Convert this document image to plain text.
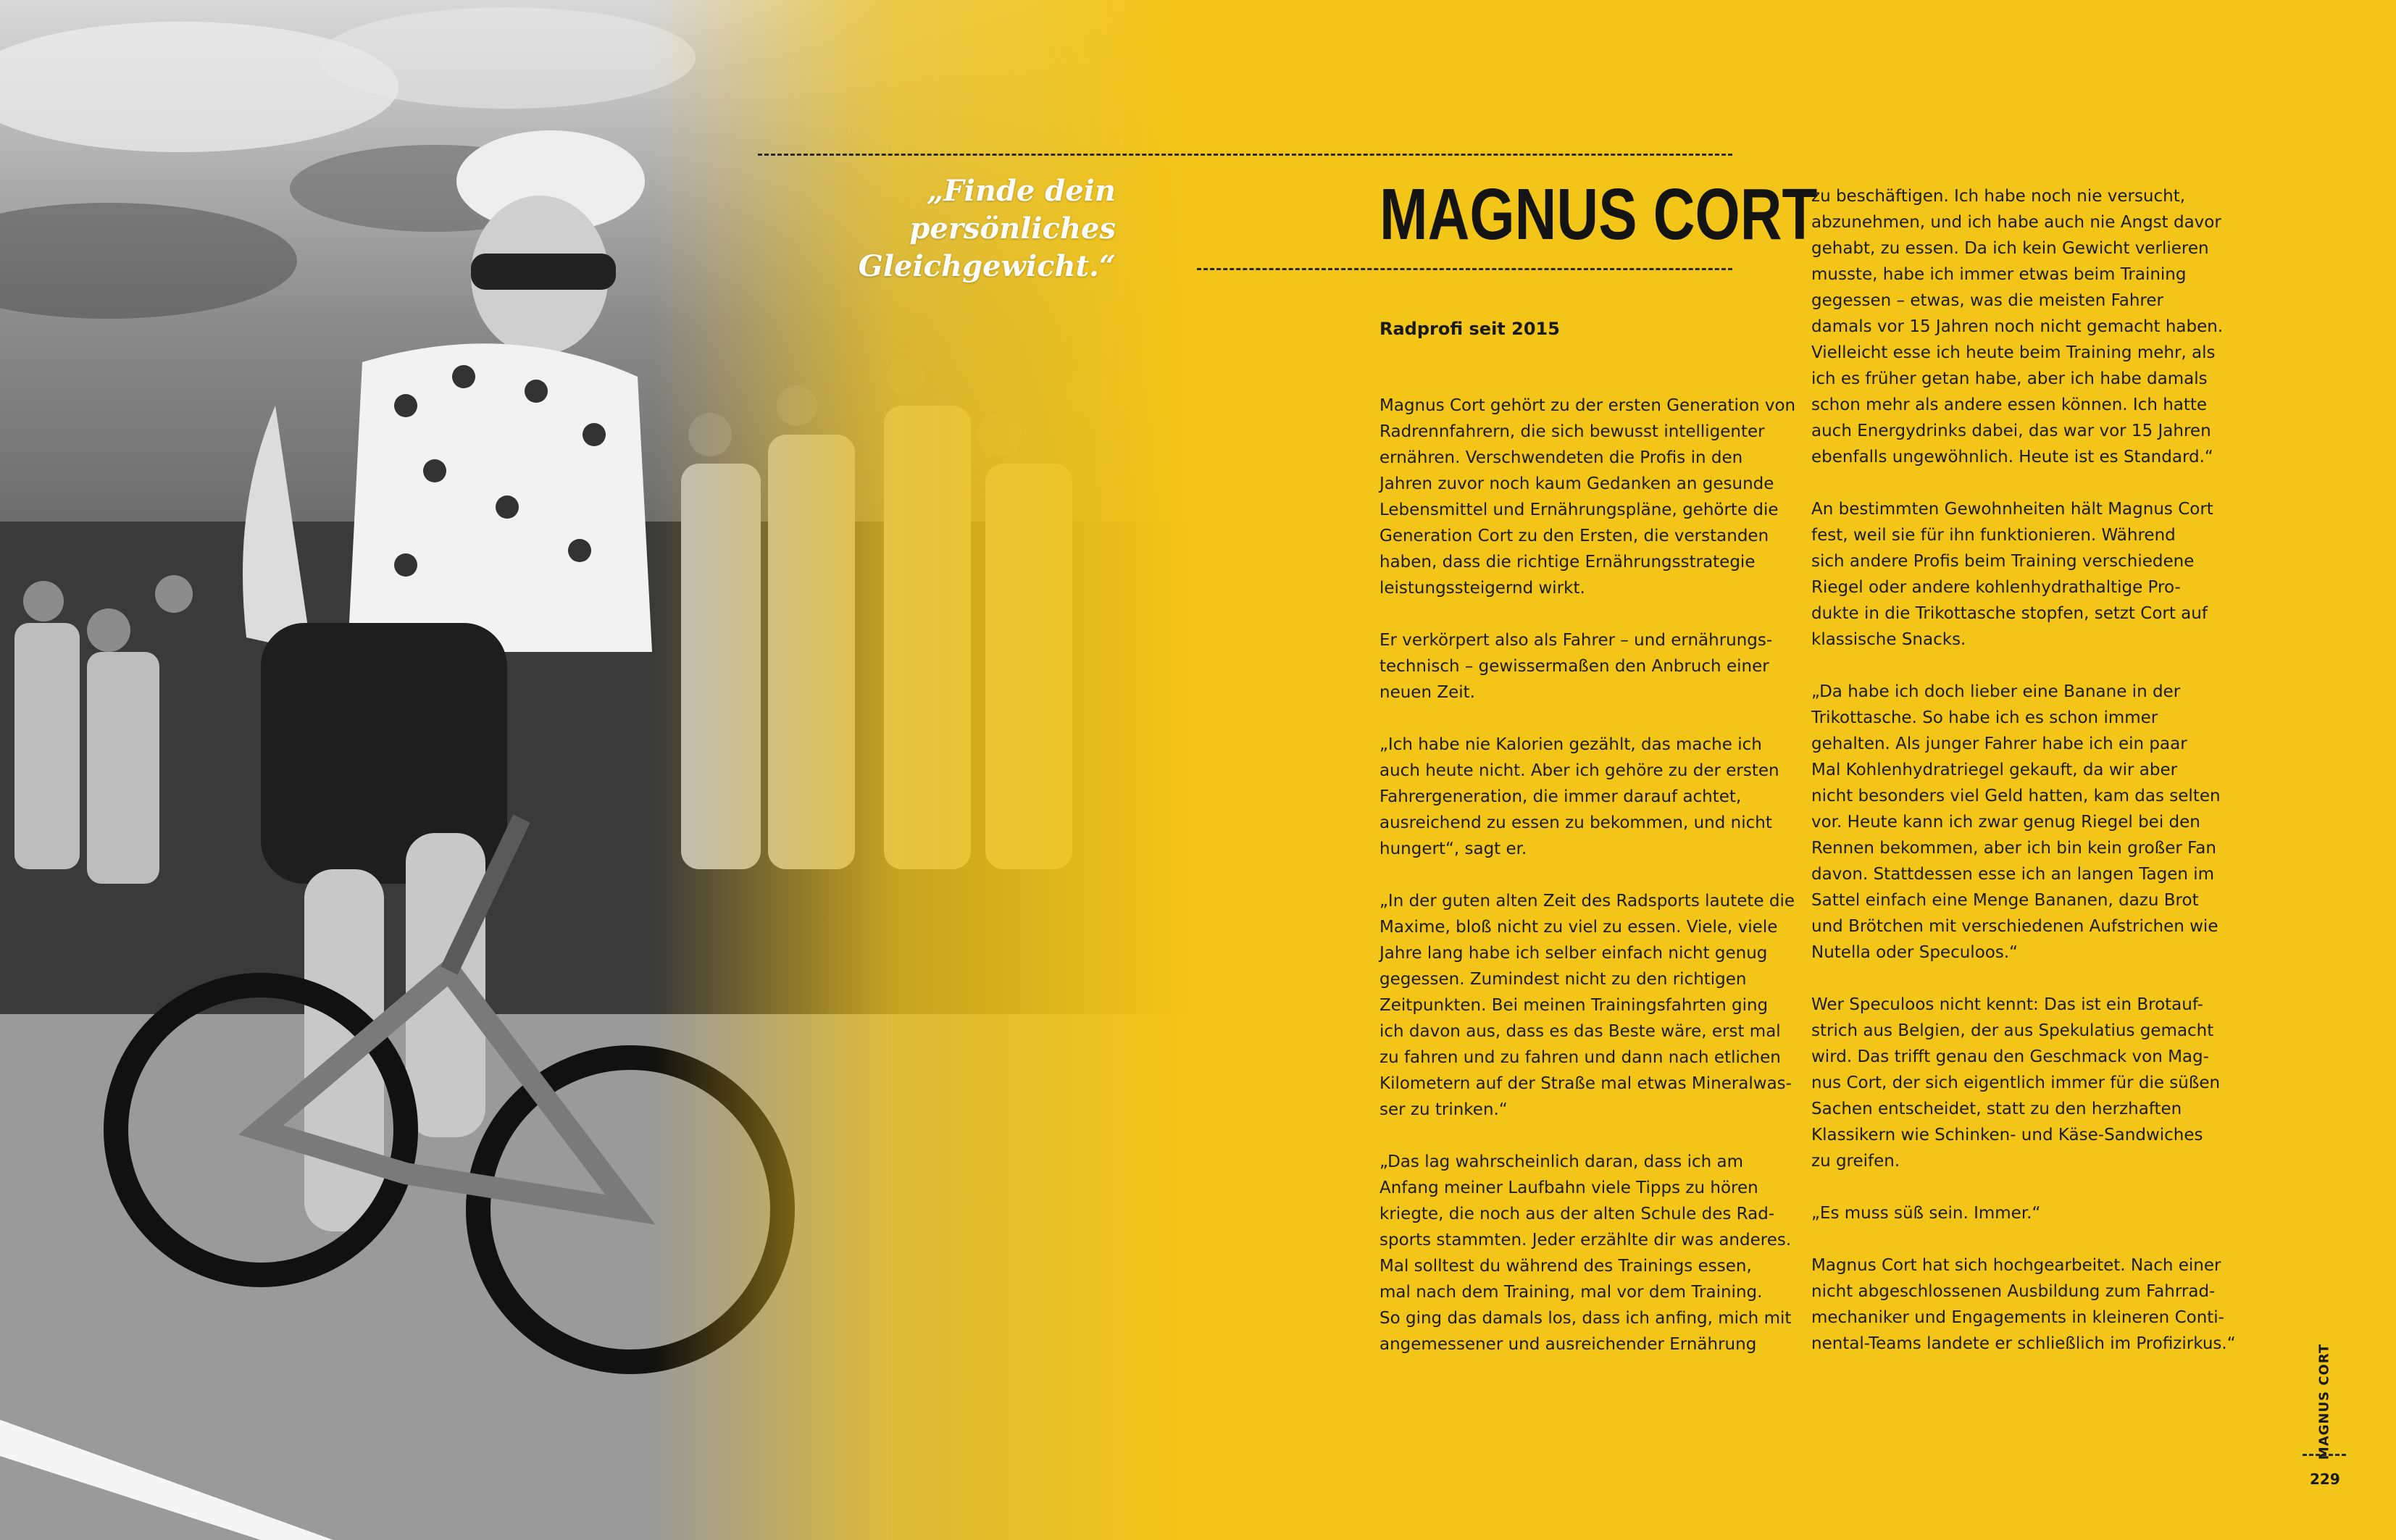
„Finde dein persönliches
Gleichgewicht.“
MAGNUS CORT
Radprofi seit 2015
Magnus Cort gehört zu der ersten Generation von
Radrennfahrern, die sich bewusst intelligenter
ernähren. Verschwendeten die Profis in den
Jahren zuvor noch kaum Gedanken an gesunde
Lebensmittel und Ernährungspläne, gehörte die
Generation Cort zu den Ersten, die verstanden
haben, dass die richtige Ernährungsstrategie
leistungssteigernd wirkt.
Er verkörpert also als Fahrer – und ernährungs-
technisch – gewissermaßen den Anbruch einer
neuen Zeit.
„Ich habe nie Kalorien gezählt, das mache ich
auch heute nicht. Aber ich gehöre zu der ersten
Fahrergeneration, die immer darauf achtet,
ausreichend zu essen zu bekommen, und nicht
hungert“, sagt er.
„In der guten alten Zeit des Radsports lautete die
Maxime, bloß nicht zu viel zu essen. Viele, viele
Jahre lang habe ich selber einfach nicht genug
gegessen. Zumindest nicht zu den richtigen
Zeitpunkten. Bei meinen Trainingsfahrten ging
ich davon aus, dass es das Beste wäre, erst mal
zu fahren und zu fahren und dann nach etlichen
Kilometern auf der Straße mal etwas Mineralwas-
ser zu trinken.“
„Das lag wahrscheinlich daran, dass ich am
Anfang meiner Laufbahn viele Tipps zu hören
kriegte, die noch aus der alten Schule des Rad-
sports stammten. Jeder erzählte dir was anderes.
Mal solltest du während des Trainings essen,
mal nach dem Training, mal vor dem Training.
So ging das damals los, dass ich anfing, mich mit
angemessener und ausreichender Ernährung
zu beschäftigen. Ich habe noch nie versucht,
abzunehmen, und ich habe auch nie Angst davor
gehabt, zu essen. Da ich kein Gewicht verlieren
musste, habe ich immer etwas beim Training
gegessen – etwas, was die meisten Fahrer
damals vor 15 Jahren noch nicht gemacht haben.
Vielleicht esse ich heute beim Training mehr, als
ich es früher getan habe, aber ich habe damals
schon mehr als andere essen können. Ich hatte
auch Energydrinks dabei, das war vor 15 Jahren
ebenfalls ungewöhnlich. Heute ist es Standard.“
An bestimmten Gewohnheiten hält Magnus Cort
fest, weil sie für ihn funktionieren. Während
sich andere Profis beim Training verschiedene
Riegel oder andere kohlenhydrathaltige Pro-
dukte in die Trikottasche stopfen, setzt Cort auf
klassische Snacks.
„Da habe ich doch lieber eine Banane in der
Trikottasche. So habe ich es schon immer
gehalten. Als junger Fahrer habe ich ein paar
Mal Kohlenhydratriegel gekauft, da wir aber
nicht besonders viel Geld hatten, kam das selten
vor. Heute kann ich zwar genug Riegel bei den
Rennen bekommen, aber ich bin kein großer Fan
davon. Stattdessen esse ich an langen Tagen im
Sattel einfach eine Menge Bananen, dazu Brot
und Brötchen mit verschiedenen Aufstrichen wie
Nutella oder Speculoos.“
Wer Speculoos nicht kennt: Das ist ein Brotauf-
strich aus Belgien, der aus Spekulatius gemacht
wird. Das trifft genau den Geschmack von Mag-
nus Cort, der sich eigentlich immer für die süßen
Sachen entscheidet, statt zu den herzhaften
Klassikern wie Schinken- und Käse-Sandwiches
zu greifen.
„Es muss süß sein. Immer.“
Magnus Cort hat sich hochgearbeitet. Nach einer
nicht abgeschlossenen Ausbildung zum Fahrrad-
mechaniker und Engagements in kleineren Conti-
nental-Teams landete er schließlich im Profizirkus.“	MAGNUS CORT
229
